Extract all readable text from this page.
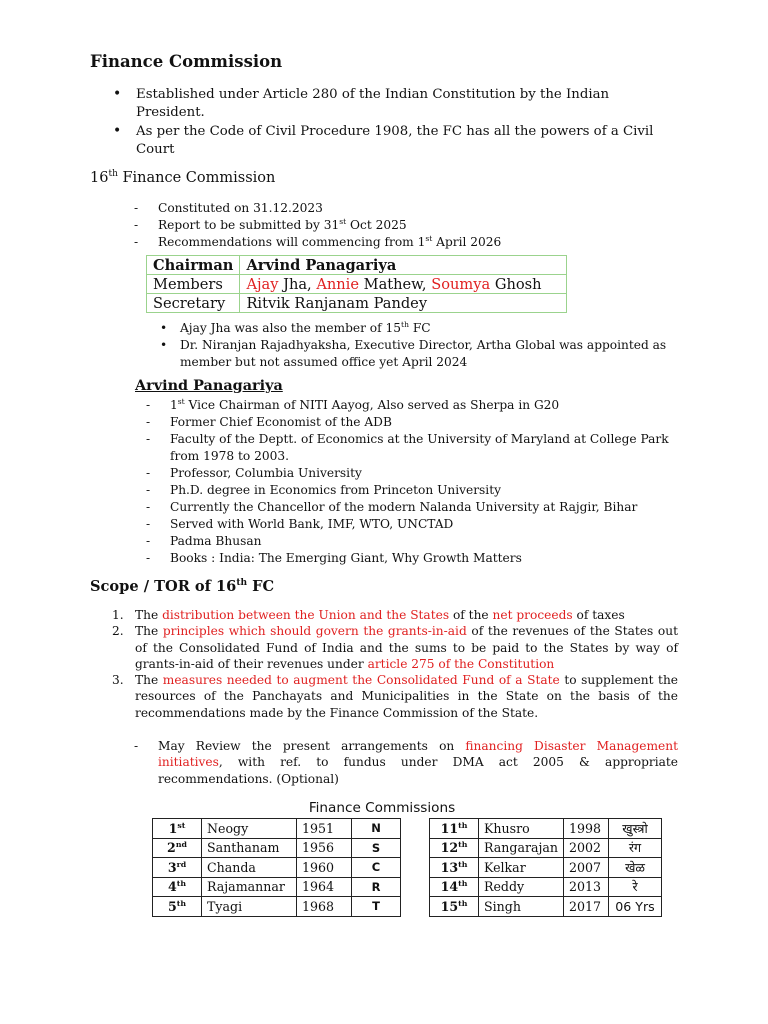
Finance Commission
• Established under Article 280 of the Indian Constitution by the Indian President.
• As per the Code of Civil Procedure 1908, the FC has all the powers of a Civil Court
16th Finance Commission
- Constituted on 31.12.2023
- Report to be submitted by 31st Oct 2025
- Recommendations will commencing from 1st April 2026
Chairman	Arvind Panagariya
Members	Ajay Jha, Annie Mathew, Soumya Ghosh
Secretary	Ritvik Ranjanam Pandey
• Ajay Jha was also the member of 15th FC
• Dr. Niranjan Rajadhyaksha, Executive Director, Artha Global was appointed as member but not assumed office yet April 2024
Arvind Panagariya
- 1st Vice Chairman of NITI Aayog, Also served as Sherpa in G20
- Former Chief Economist of the ADB
- Faculty of the Deptt. of Economics at the University of Maryland at College Park from 1978 to 2003.
- Professor, Columbia University
- Ph.D. degree in Economics from Princeton University
- Currently the Chancellor of the modern Nalanda University at Rajgir, Bihar
- Served with World Bank, IMF, WTO, UNCTAD
- Padma Bhusan
- Books : India: The Emerging Giant, Why Growth Matters
Scope / TOR of 16th FC
1. The distribution between the Union and the States of the net proceeds of taxes
2. The principles which should govern the grants-in-aid of the revenues of the States out of the Consolidated Fund of India and the sums to be paid to the States by way of grants-in-aid of their revenues under article 275 of the Constitution
3. The measures needed to augment the Consolidated Fund of a State to supplement the resources of the Panchayats and Municipalities in the State on the basis of the recommendations made by the Finance Commission of the State.
- May Review the present arrangements on financing Disaster Management initiatives, with ref. to fundus under DMA act 2005 & appropriate recommendations. (Optional)
Finance Commissions
1st	Neogy	1951	N		11th	Khusro	1998	खुस्त्रो
2nd	Santhanam	1956	S		12th	Rangarajan	2002	रंग
3rd	Chanda	1960	C		13th	Kelkar	2007	खेळ
4th	Rajamannar	1964	R		14th	Reddy	2013	रे
5th	Tyagi	1968	T		15th	Singh	2017	06 Yrs
